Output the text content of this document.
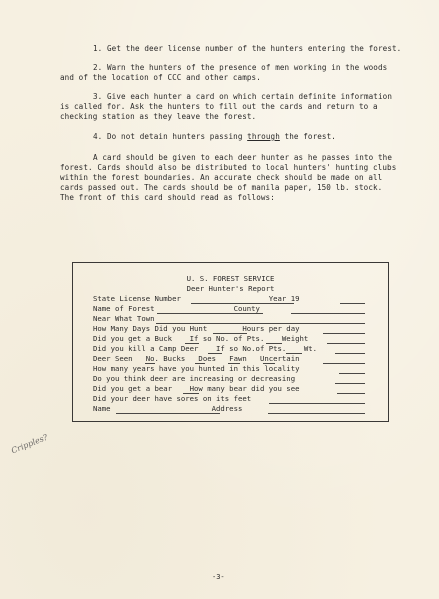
1. Get the deer license number of the hunters entering the forest.
2. Warn the hunters of the presence of men working in the woods
and of the location of CCC and other camps.
3. Give each hunter a card on which certain definite information
is called for. Ask the hunters to fill out the cards and return to a
checking station as they leave the forest.
4. Do not detain hunters passing through the forest.
A card should be given to each deer hunter as he passes into the
forest. Cards should also be distributed to local hunters' hunting clubs
within the forest boundaries. An accurate check should be made on all
cards passed out. The cards should be of manila paper, 150 lb. stock.
The front of this card should read as follows:
U. S. FOREST SERVICE
Deer Hunter's Report
State License Number                    Year 19
Name of Forest                  County
Near What Town
How Many Days Did you Hunt        Hours per day
Did you get a Buck    If so No. of Pts.    Weight
Did you kill a Camp Deer    If so No.of Pts.    Wt.
Deer Seen   No. Bucks   Does   Fawn   Uncertain
How many years have you hunted in this locality
Do you think deer are increasing or decreasing
Did you get a bear    How many bear did you see
Did your deer have sores on its feet
Name                       Address
Cripples?
-3-
